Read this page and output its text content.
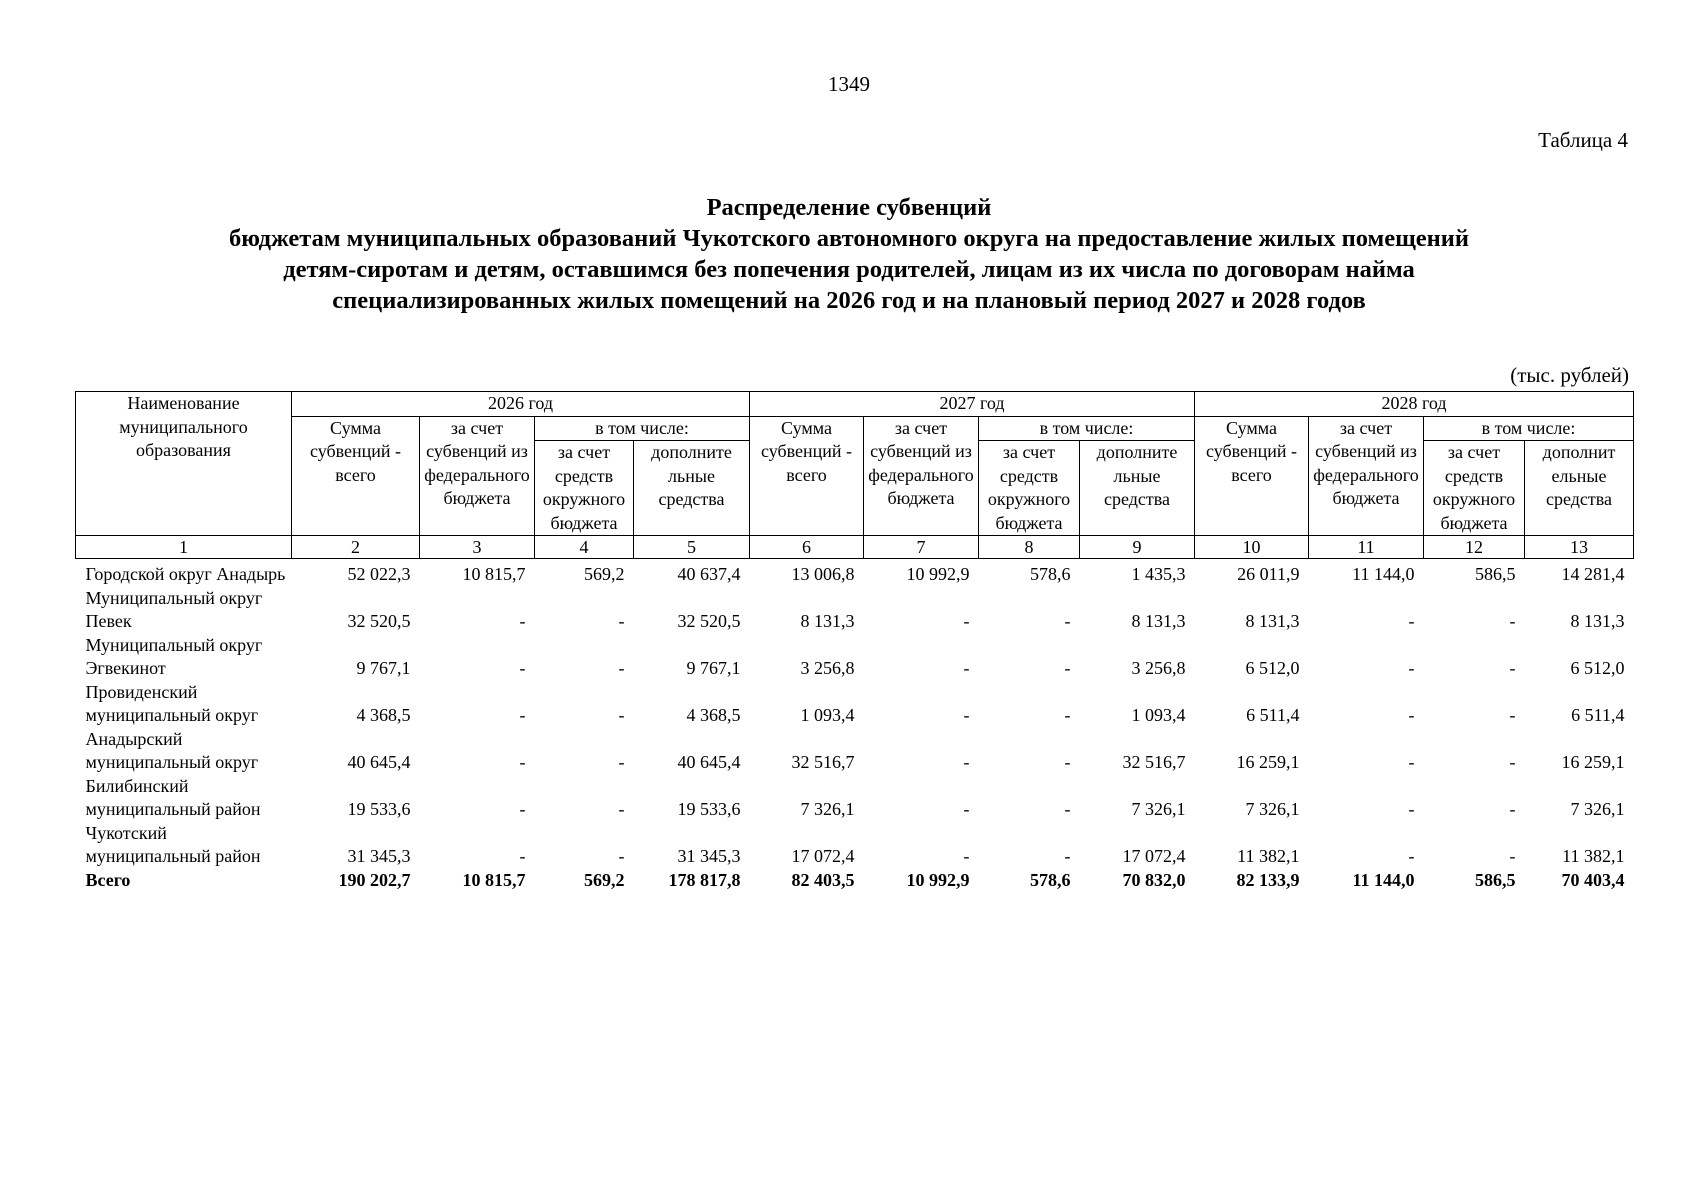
1349
Таблица 4
Распределение субвенций
бюджетам муниципальных образований Чукотского автономного округа на предоставление жилых помещений
детям-сиротам и детям, оставшимся без попечения родителей, лицам из их числа по договорам найма
специализированных жилых помещений на 2026 год и на плановый период 2027 и 2028 годов
(тыс. рублей)
Наименование муниципального образования	2026 год				2027 год				2028 год			
	Сумма субвенций - всего	за счет субвенций из федерального бюджета	в том числе:		Сумма субвенций - всего	за счет субвенций из федерального бюджета	в том числе:		Сумма субвенций - всего	за счет субвенций из федерального бюджета	в том числе:	
			за счет средств окружного бюджета	дополните льные средства			за счет средств окружного бюджета	дополните льные средства			за счет средств окружного бюджета	дополнит ельные средства
1	2	3	4	5	6	7	8	9	10	11	12	13
Городской округ Анадырь	52 022,3	10 815,7	569,2	40 637,4	13 006,8	10 992,9	578,6	1 435,3	26 011,9	11 144,0	586,5	14 281,4
Муниципальный округ Певек	32 520,5	-	-	32 520,5	8 131,3	-	-	8 131,3	8 131,3	-	-	8 131,3
Муниципальный округ Эгвекинот	9 767,1	-	-	9 767,1	3 256,8	-	-	3 256,8	6 512,0	-	-	6 512,0
Провиденский муниципальный округ	4 368,5	-	-	4 368,5	1 093,4	-	-	1 093,4	6 511,4	-	-	6 511,4
Анадырский муниципальный округ	40 645,4	-	-	40 645,4	32 516,7	-	-	32 516,7	16 259,1	-	-	16 259,1
Билибинский муниципальный район	19 533,6	-	-	19 533,6	7 326,1	-	-	7 326,1	7 326,1	-	-	7 326,1
Чукотский муниципальный район	31 345,3	-	-	31 345,3	17 072,4	-	-	17 072,4	11 382,1	-	-	11 382,1
Всего	190 202,7	10 815,7	569,2	178 817,8	82 403,5	10 992,9	578,6	70 832,0	82 133,9	11 144,0	586,5	70 403,4
